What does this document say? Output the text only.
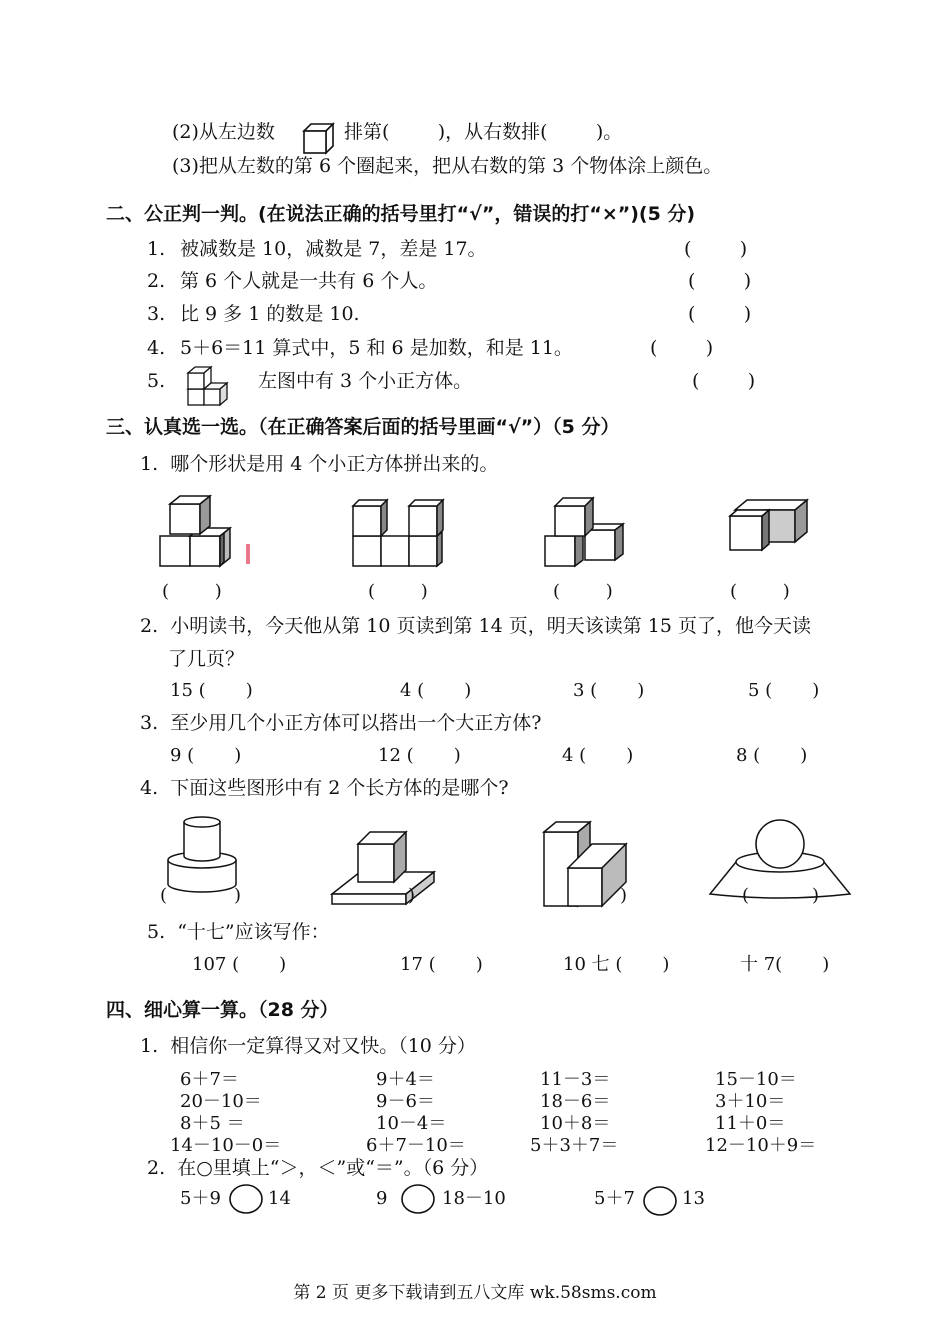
(2)从左边数	排第(        )，从右数排(        )。
(3)把从左数的第 6 个圈起来，把从右数的第 3 个物体涂上颜色。
二、公正判一判。(在说法正确的括号里打“√”，错误的打“×”)(5 分)
1. 被减数是 10，减数是 7，差是 17。	(        )
2. 第 6 个人就是一共有 6 个人。	(        )
3. 比 9 多 1 的数是 10.	(        )
4. 5＋6＝11 算式中，5 和 6 是加数，和是 11。	(        )
5.	左图中有 3 个小正方体。	(        )
三、认真选一选。（在正确答案后面的括号里画“√”）（5 分）
1.  哪个形状是用 4 个小正方体拼出来的。
(        )	(        )	(        )	(        )
2.  小明读书，今天他从第 10 页读到第 14 页，明天该读第 15 页了，他今天读
了几页？
15 (       )	4 (       )	3 (       )	5 (       )
3.  至少用几个小正方体可以搭出一个大正方体?
9 (       )	12 (       )	4 (       )	8 (       )
4.  下面这些图形中有 2 个长方体的是哪个?
(	)	)	)	(	)
5.  “十七”应该写作：
107 (       )	17 (       )	10 七 (       )	十 7(       )
四、细心算一算。（28 分）
1.  相信你一定算得又对又快。（10 分）
6＋7＝	9＋4＝	11－3＝	15－10＝
20－10＝	9－6＝	18－6＝	3＋10＝
8＋5 ＝	10－4＝	10＋8＝	11＋0＝
14－10－0＝	6＋7－10＝	5＋3＋7＝	12－10＋9＝
2.  在○里填上“＞，＜”或“＝”。（6 分）
5＋9	14	9	18－10	5＋7	13
第 2 页 更多下载请到五八文库 wk.58sms.com
